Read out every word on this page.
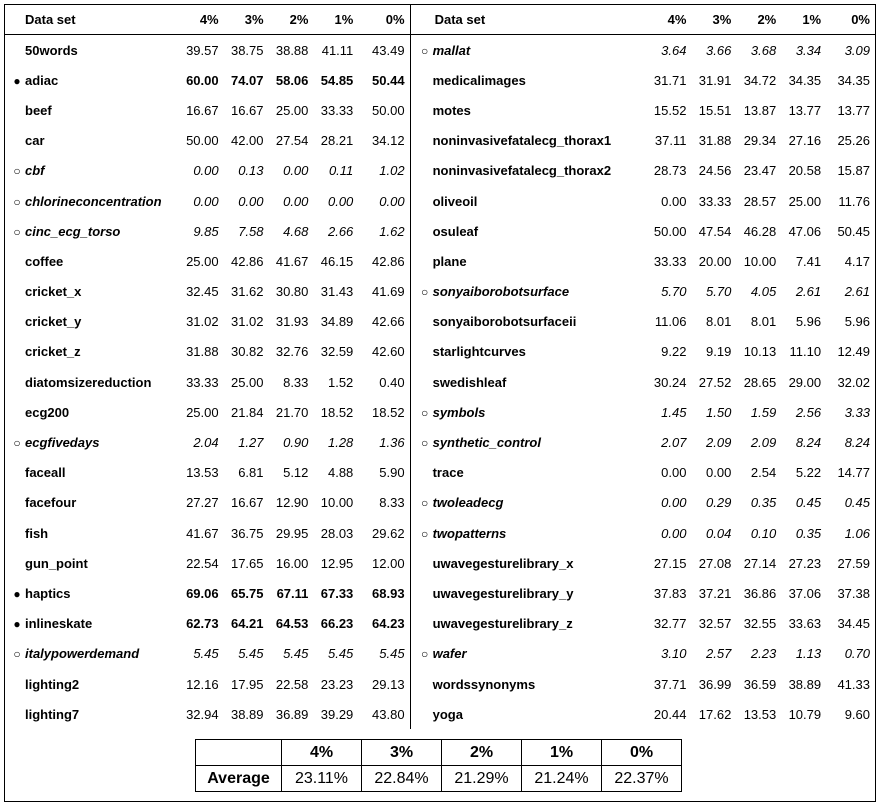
Data set	4%	3%	2%	1%	0%	Data set	4%	3%	2%	1%	0%
50words	39.57	38.75	38.88	41.11	43.49	○ mallat	3.64	3.66	3.68	3.34	3.09
● adiac	60.00	74.07	58.06	54.85	50.44	medicalimages	31.71	31.91	34.72	34.35	34.35
beef	16.67	16.67	25.00	33.33	50.00	motes	15.52	15.51	13.87	13.77	13.77
car	50.00	42.00	27.54	28.21	34.12	noninvasivefatalecg_thorax1	37.11	31.88	29.34	27.16	25.26
○ cbf	0.00	0.13	0.00	0.11	1.02	noninvasivefatalecg_thorax2	28.73	24.56	23.47	20.58	15.87
○ chlorineconcentration	0.00	0.00	0.00	0.00	0.00	oliveoil	0.00	33.33	28.57	25.00	11.76
○ cinc_ecg_torso	9.85	7.58	4.68	2.66	1.62	osuleaf	50.00	47.54	46.28	47.06	50.45
coffee	25.00	42.86	41.67	46.15	42.86	plane	33.33	20.00	10.00	7.41	4.17
cricket_x	32.45	31.62	30.80	31.43	41.69	○ sonyaiborobotsurface	5.70	5.70	4.05	2.61	2.61
cricket_y	31.02	31.02	31.93	34.89	42.66	sonyaiborobotsurfaceii	11.06	8.01	8.01	5.96	5.96
cricket_z	31.88	30.82	32.76	32.59	42.60	starlightcurves	9.22	9.19	10.13	11.10	12.49
diatomsizereduction	33.33	25.00	8.33	1.52	0.40	swedishleaf	30.24	27.52	28.65	29.00	32.02
ecg200	25.00	21.84	21.70	18.52	18.52	○ symbols	1.45	1.50	1.59	2.56	3.33
○ ecgfivedays	2.04	1.27	0.90	1.28	1.36	○ synthetic_control	2.07	2.09	2.09	8.24	8.24
faceall	13.53	6.81	5.12	4.88	5.90	trace	0.00	0.00	2.54	5.22	14.77
facefour	27.27	16.67	12.90	10.00	8.33	○ twoleadecg	0.00	0.29	0.35	0.45	0.45
fish	41.67	36.75	29.95	28.03	29.62	○ twopatterns	0.00	0.04	0.10	0.35	1.06
gun_point	22.54	17.65	16.00	12.95	12.00	uwavegesturelibrary_x	27.15	27.08	27.14	27.23	27.59
● haptics	69.06	65.75	67.11	67.33	68.93	uwavegesturelibrary_y	37.83	37.21	36.86	37.06	37.38
● inlineskate	62.73	64.21	64.53	66.23	64.23	uwavegesturelibrary_z	32.77	32.57	32.55	33.63	34.45
○ italypowerdemand	5.45	5.45	5.45	5.45	5.45	○ wafer	3.10	2.57	2.23	1.13	0.70
lighting2	12.16	17.95	22.58	23.23	29.13	wordssynonyms	37.71	36.99	36.59	38.89	41.33
lighting7	32.94	38.89	36.89	39.29	43.80	yoga	20.44	17.62	13.53	10.79	9.60
	4%	3%	2%	1%	0%
Average	23.11%	22.84%	21.29%	21.24%	22.37%
